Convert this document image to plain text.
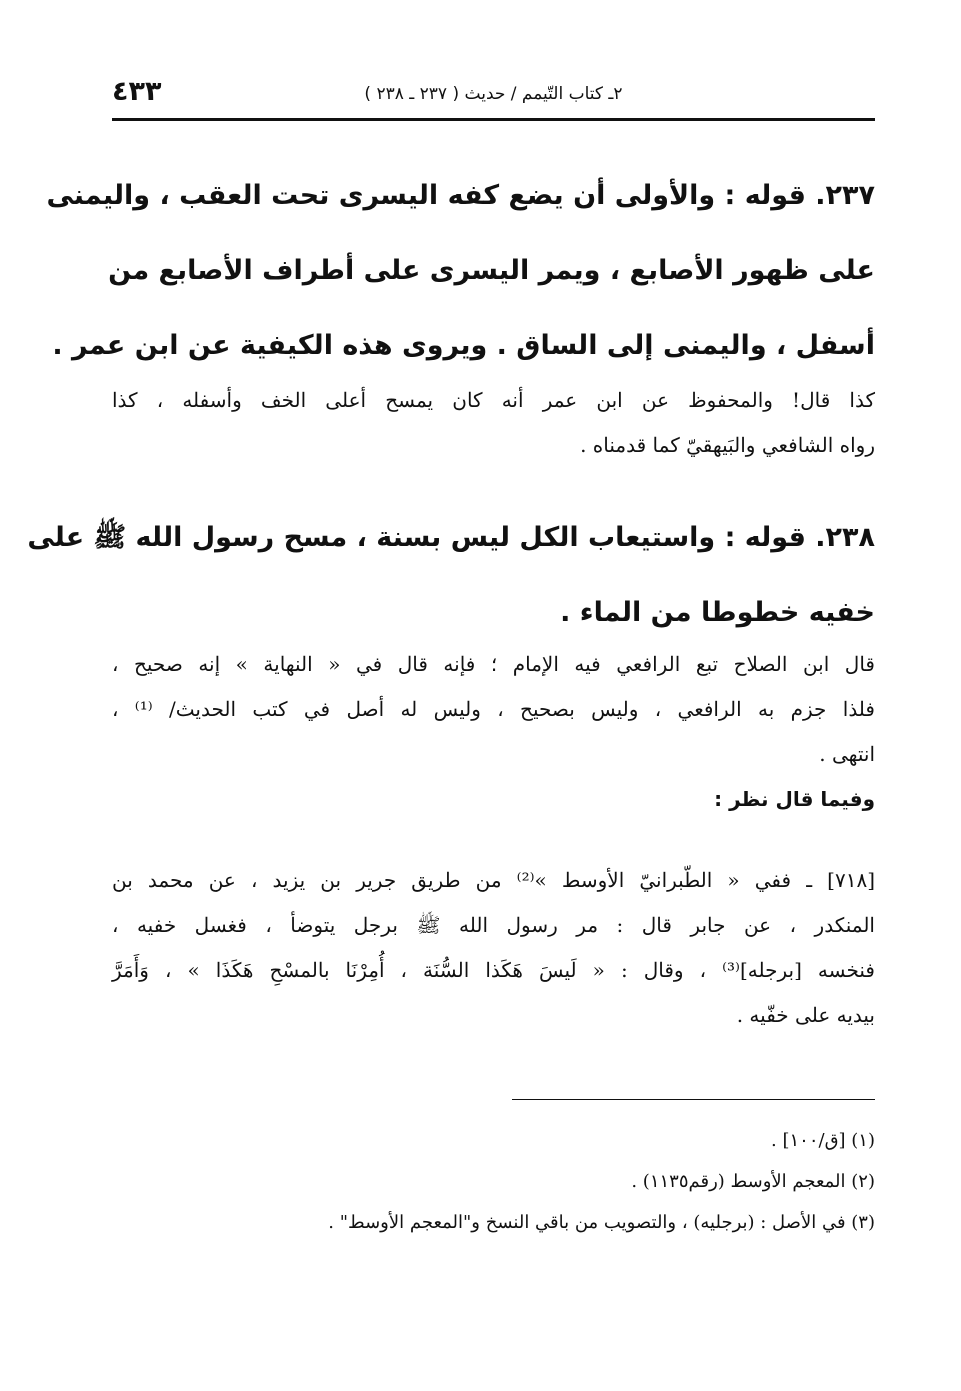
٢ـ كتاب التّيمم / حديث ( ٢٣٧ ـ ٢٣٨ )
٤٣٣
٢٣٧. قوله : والأولى أن يضع كفه اليسرى تحت العقب ، واليمنى
على ظهور الأصابع ، ويمر اليسرى على أطراف الأصابع من
أسفل ، واليمنى إلى الساق . ويروى هذه الكيفية عن ابن عمر .
كذا قال! والمحفوظ عن ابن عمر أنه كان يمسح أعلى الخف وأسفله ، كذا
رواه الشافعي والبَيهقيّ كما قدمناه .
٢٣٨. قوله : واستيعاب الكل ليس بسنة ، مسح رسول الله ﷺ على
خفيه خطوطا من الماء .
قال ابن الصلاح تبع الرافعي فيه الإمام ؛ فإنه قال في « النهاية » إنه صحيح ،
فلذا جزم به الرافعي ، وليس بصحيح ، وليس له أصل في كتب الحديث/ ⁽¹⁾ ،
انتهى .
وفيما قال نظر :
[٧١٨] ـ ففي « الطّبرانيّ الأوسط »⁽²⁾ من طريق جرير بن يزيد ، عن محمد بن
المنكدر ، عن جابر قال : مر رسول الله ﷺ برجل يتوضأ ، فغسل خفيه ،
فنخسه [برجله]⁽³⁾ ، وقال : « لَيسَ هَكَذا السُّنَة ، أُمِرْنَا بالمسْحِ هَكَذَا » ، وَأَمَرَّ
بيديه على خفّيه .
(١) [ق/١٠٠] .
(٢) المعجم الأوسط (رقم١١٣٥) .
(٣) في الأصل : (برجليه) ، والتصويب من باقي النسخ و"المعجم الأوسط" .
